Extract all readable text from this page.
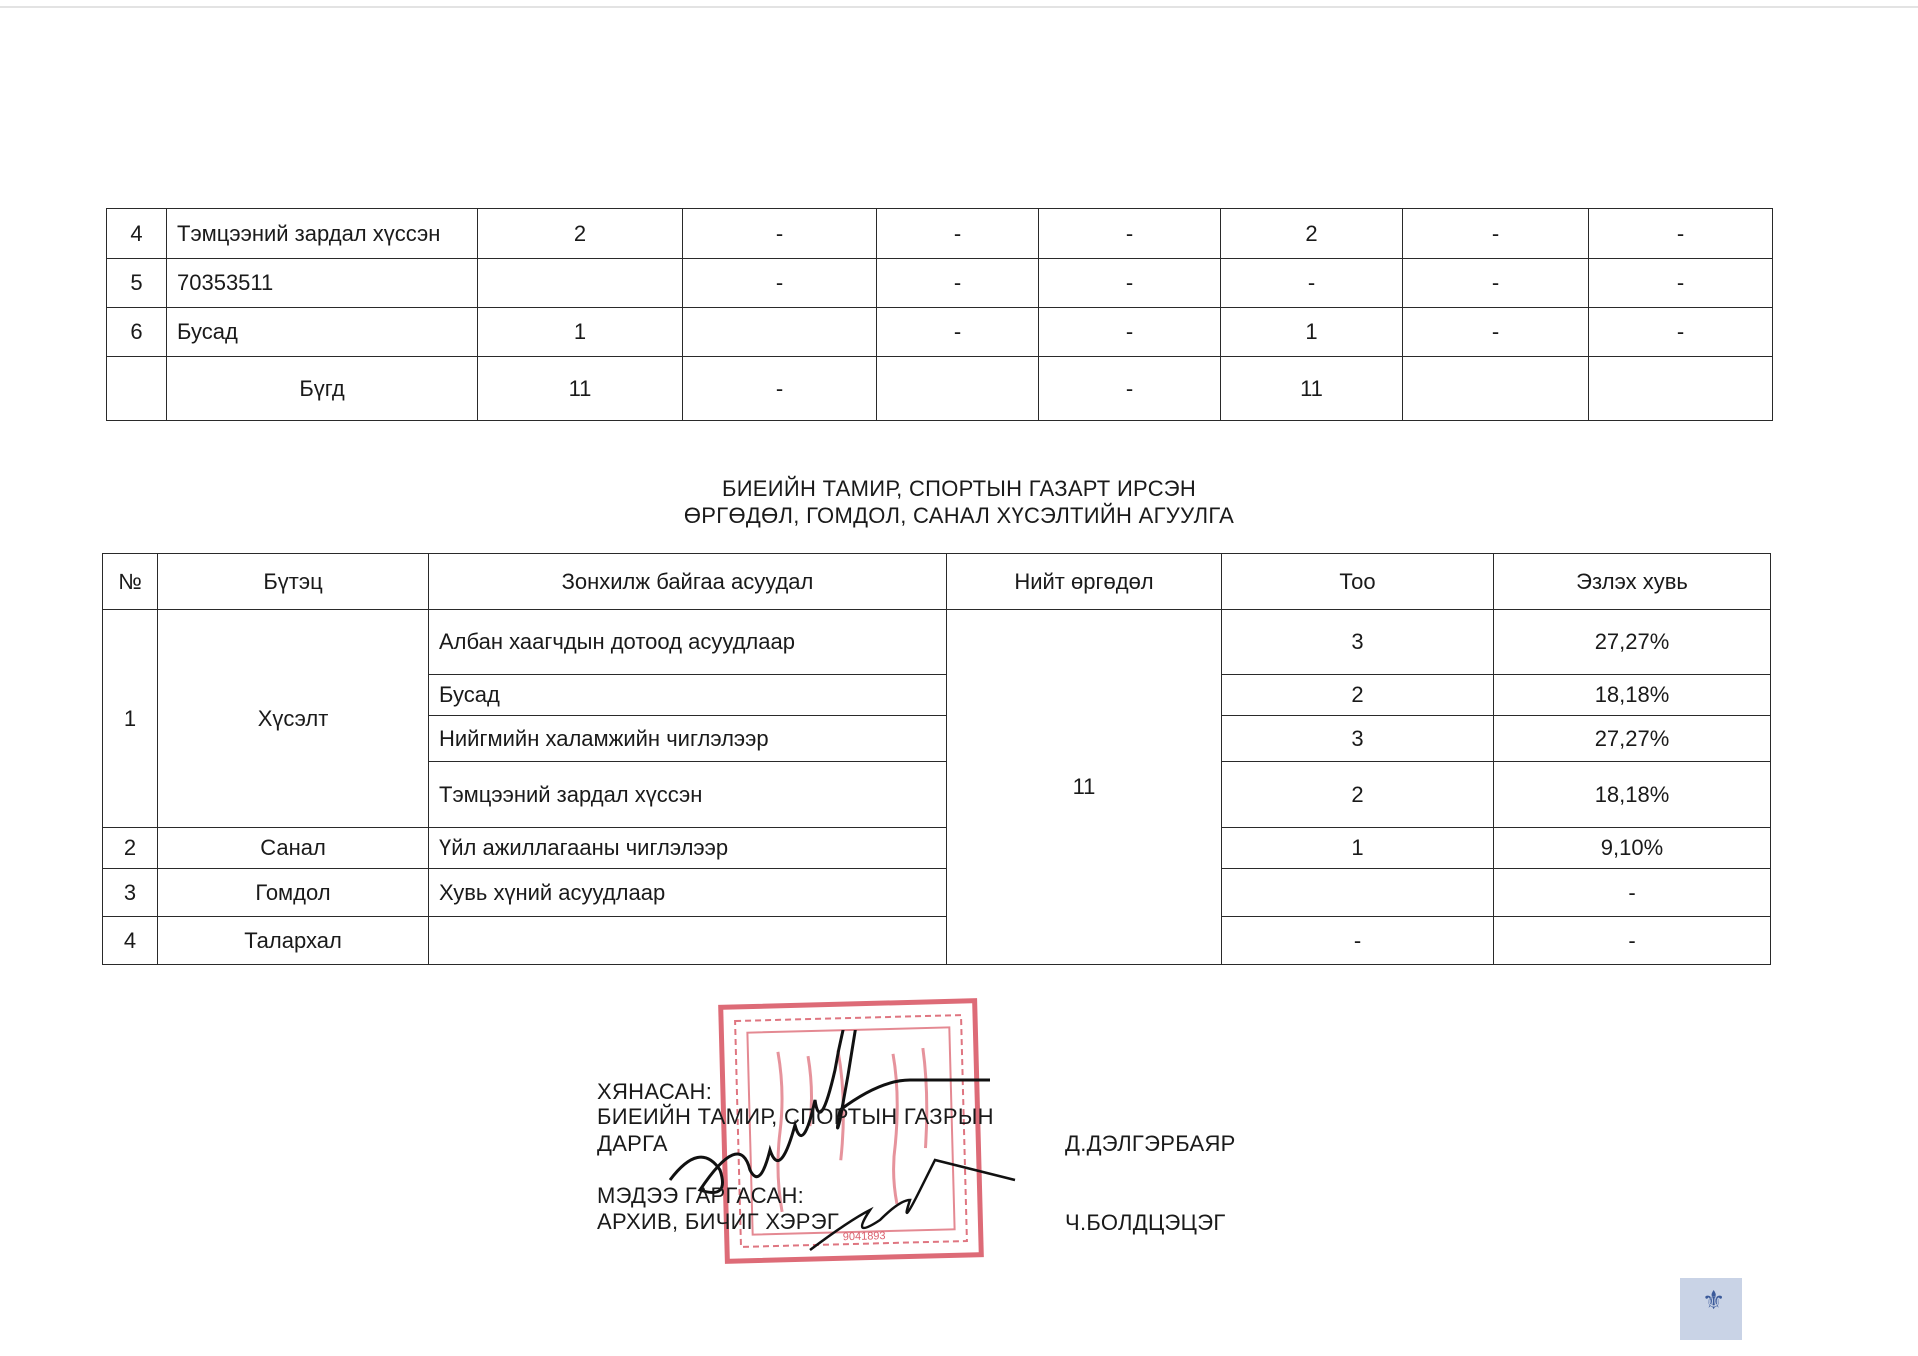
4	Тэмцээний зардал хүссэн	2	-	-	-	2	-	-
5	70353511		-	-	-	-	-	-
6	Бусад	1		-	-	1	-	-
	Бүгд	11	-		-	11		
БИЕИЙН ТАМИР, СПОРТЫН ГАЗАРТ ИРСЭН
ӨРГӨДӨЛ, ГОМДОЛ, САНАЛ ХҮСЭЛТИЙН АГУУЛГА
№	Бүтэц	Зонхилж байгаа асуудал	Нийт өргөдөл	Тоо	Эзлэх хувь
1	Хүсэлт	Албан хаагчдын дотоод асуудлаар	11	3	27,27%
		Бусад		2	18,18%
		Нийгмийн халамжийн чиглэлээр		3	27,27%
		Тэмцээний зардал хүссэн		2	18,18%
2	Санал	Үйл ажиллагааны чиглэлээр		1	9,10%
3	Гомдол	Хувь хүний асуудлаар			-
4	Талархал			-	-
9041893
ХЯНАСАН:
БИЕИЙН ТАМИР, СПОРТЫН ГАЗРЫН
ДАРГА	Д.ДЭЛГЭРБАЯР
МЭДЭЭ ГАРГАСАН:
АРХИВ, БИЧИГ ХЭРЭГ	Ч.БОЛДЦЭЦЭГ
⚜
